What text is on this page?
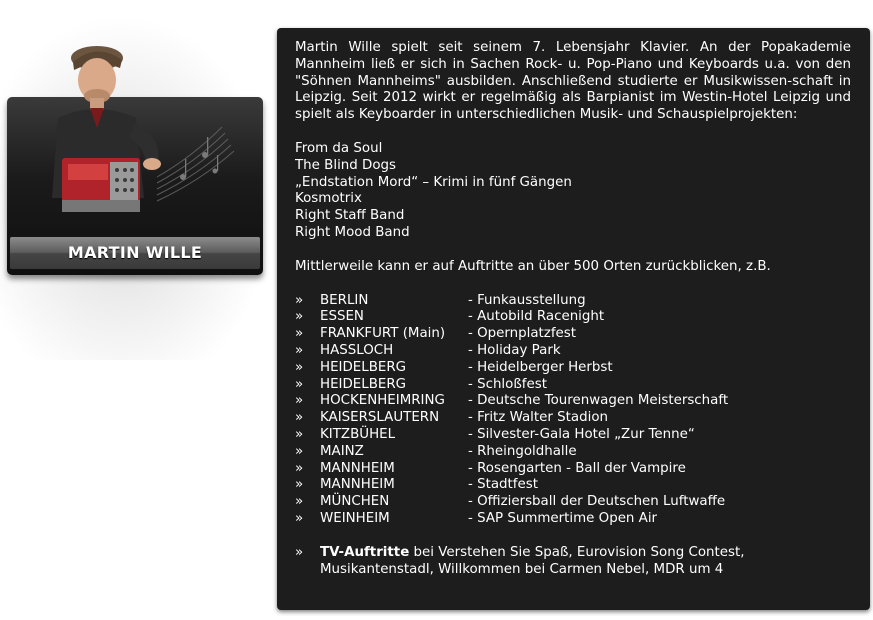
MARTIN WILLE

Martin Wille spielt seit seinem 7. Lebensjahr Klavier. An der Popakademie Mannheim ließ er sich in Sachen Rock- u. Pop-Piano und Keyboards u.a. von den "Söhnen Mannheims" ausbilden. Anschließend studierte er Musikwissen-schaft in Leipzig. Seit 2012 wirkt er regelmäßig als Barpianist im Westin-Hotel Leipzig und spielt als Keyboarder in unterschiedlichen Musik- und Schauspielprojekten:

From da Soul
The Blind Dogs
„Endstation Mord“ – Krimi in fünf Gängen
Kosmotrix
Right Staff Band
Right Mood Band

Mittlerweile kann er auf Auftritte an über 500 Orten zurückblicken, z.B.

»	BERLIN	- Funkausstellung
»	ESSEN	- Autobild Racenight
»	FRANKFURT (Main)	- Opernplatzfest
»	HASSLOCH	- Holiday Park
»	HEIDELBERG	- Heidelberger Herbst
»	HEIDELBERG	- Schloßfest
»	HOCKENHEIMRING	- Deutsche Tourenwagen Meisterschaft
»	KAISERSLAUTERN	- Fritz Walter Stadion
»	KITZBÜHEL	- Silvester-Gala Hotel „Zur Tenne“
»	MAINZ	- Rheingoldhalle
»	MANNHEIM	- Rosengarten - Ball der Vampire
»	MANNHEIM	- Stadtfest
»	MÜNCHEN	- Offiziersball der Deutschen Luftwaffe
»	WEINHEIM	- SAP Summertime Open Air
»	TV-Auftritte bei Verstehen Sie Spaß, Eurovision Song Contest, Musikantenstadl, Willkommen bei Carmen Nebel, MDR um 4
